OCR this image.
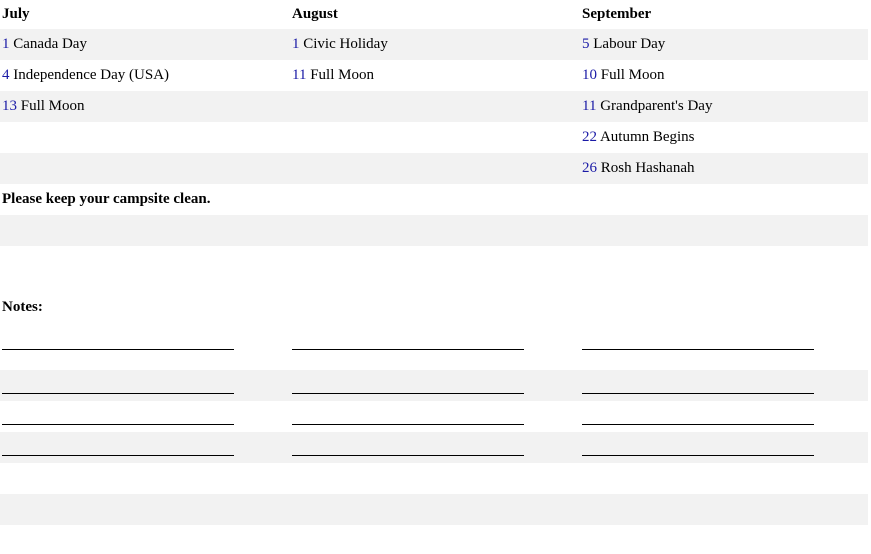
July	August	September
1 Canada Day
4 Independence Day (USA)
13 Full Moon
1 Civic Holiday
11 Full Moon
5 Labour Day
10 Full Moon
11 Grandparent's Day
22 Autumn Begins
26 Rosh Hashanah
Please keep your campsite clean.
Notes:
